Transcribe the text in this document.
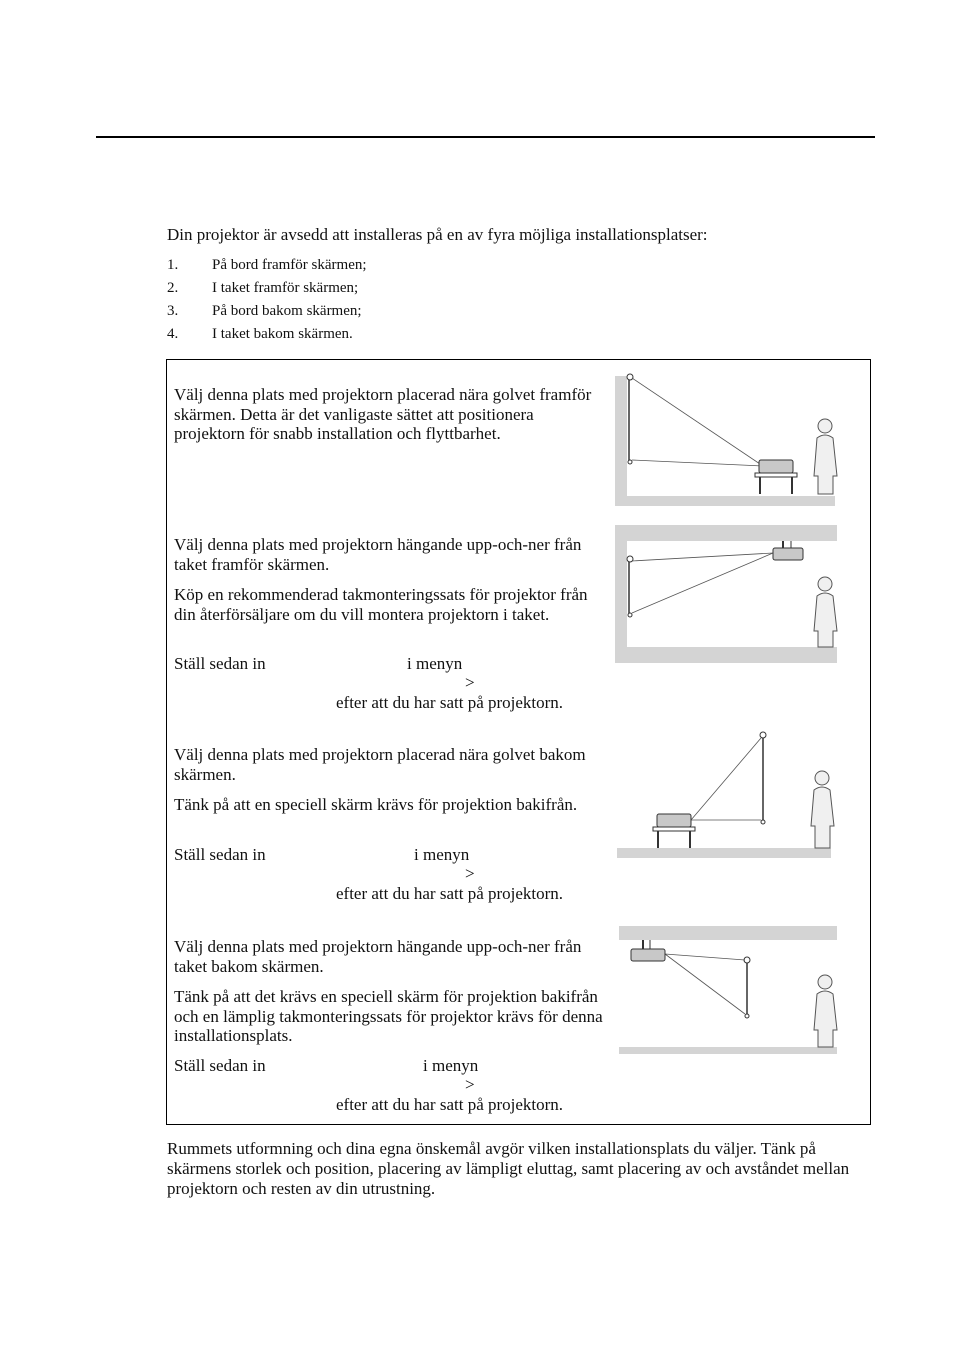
Din projektor är avsedd att installeras på en av fyra möjliga installationsplatser:
1.	På bord framför skärmen;
2.	I taket framför skärmen;
3.	På bord bakom skärmen;
4.	I taket bakom skärmen.
Välj denna plats med projektorn placerad nära golvet framför skärmen. Detta är det vanligaste sättet att positionera projektorn för snabb installation och flyttbarhet.
Välj denna plats med projektorn hängande upp-och-ner från taket framför skärmen.
Köp en rekommenderad takmonteringssats för projektor från din återförsäljare om du vill montera projektorn i taket.
Ställ sedan in	i menyn
>
efter att du har satt på projektorn.
Välj denna plats med projektorn placerad nära golvet bakom skärmen.
Tänk på att en speciell skärm krävs för projektion bakifrån.
Ställ sedan in	i menyn
>
efter att du har satt på projektorn.
Välj denna plats med projektorn hängande upp-och-ner från taket bakom skärmen.
Tänk på att det krävs en speciell skärm för projektion bakifrån och en lämplig takmonteringssats för projektor krävs för denna installationsplats.
Ställ sedan in	i menyn
>
efter att du har satt på projektorn.
Rummets utformning och dina egna önskemål avgör vilken installationsplats du väljer. Tänk på skärmens storlek och position, placering av lämpligt eluttag, samt placering av och avståndet mellan projektorn och resten av din utrustning.
